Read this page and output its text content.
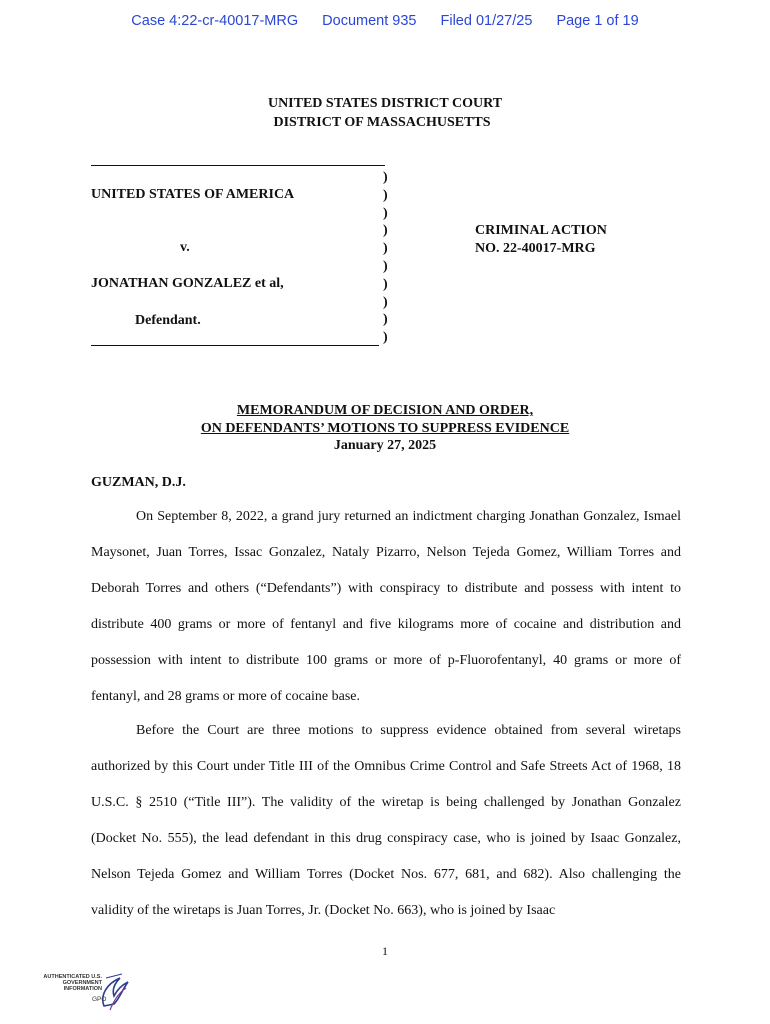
Case 4:22-cr-40017-MRG Document 935 Filed 01/27/25 Page 1 of 19
UNITED STATES DISTRICT COURT
DISTRICT OF MASSACHUSETTS
)
)
)
)
)
)
)
)
)
)
UNITED STATES OF AMERICA
v.
JONATHAN GONZALEZ et al,
Defendant.
CRIMINAL ACTION
NO. 22-40017-MRG
MEMORANDUM OF DECISION AND ORDER,
ON DEFENDANTS’ MOTIONS TO SUPPRESS EVIDENCE
January 27, 2025
GUZMAN, D.J.
On September 8, 2022, a grand jury returned an indictment charging Jonathan Gonzalez, Ismael Maysonet, Juan Torres, Issac Gonzalez, Nataly Pizarro, Nelson Tejeda Gomez, William Torres and Deborah Torres and others (“Defendants”) with conspiracy to distribute and possess with intent to distribute 400 grams or more of fentanyl and five kilograms more of cocaine and distribution and possession with intent to distribute 100 grams or more of p-Fluorofentanyl, 40 grams or more of fentanyl, and 28 grams or more of cocaine base.
Before the Court are three motions to suppress evidence obtained from several wiretaps authorized by this Court under Title III of the Omnibus Crime Control and Safe Streets Act of 1968, 18 U.S.C. § 2510 (“Title III”). The validity of the wiretap is being challenged by Jonathan Gonzalez (Docket No. 555), the lead defendant in this drug conspiracy case, who is joined by Isaac Gonzalez, Nelson Tejeda Gomez and William Torres (Docket Nos. 677, 681, and 682). Also challenging the validity of the wiretaps is Juan Torres, Jr. (Docket No. 663), who is joined by Isaac
1
AUTHENTICATED U.S. GOVERNMENT INFORMATION
GPO
